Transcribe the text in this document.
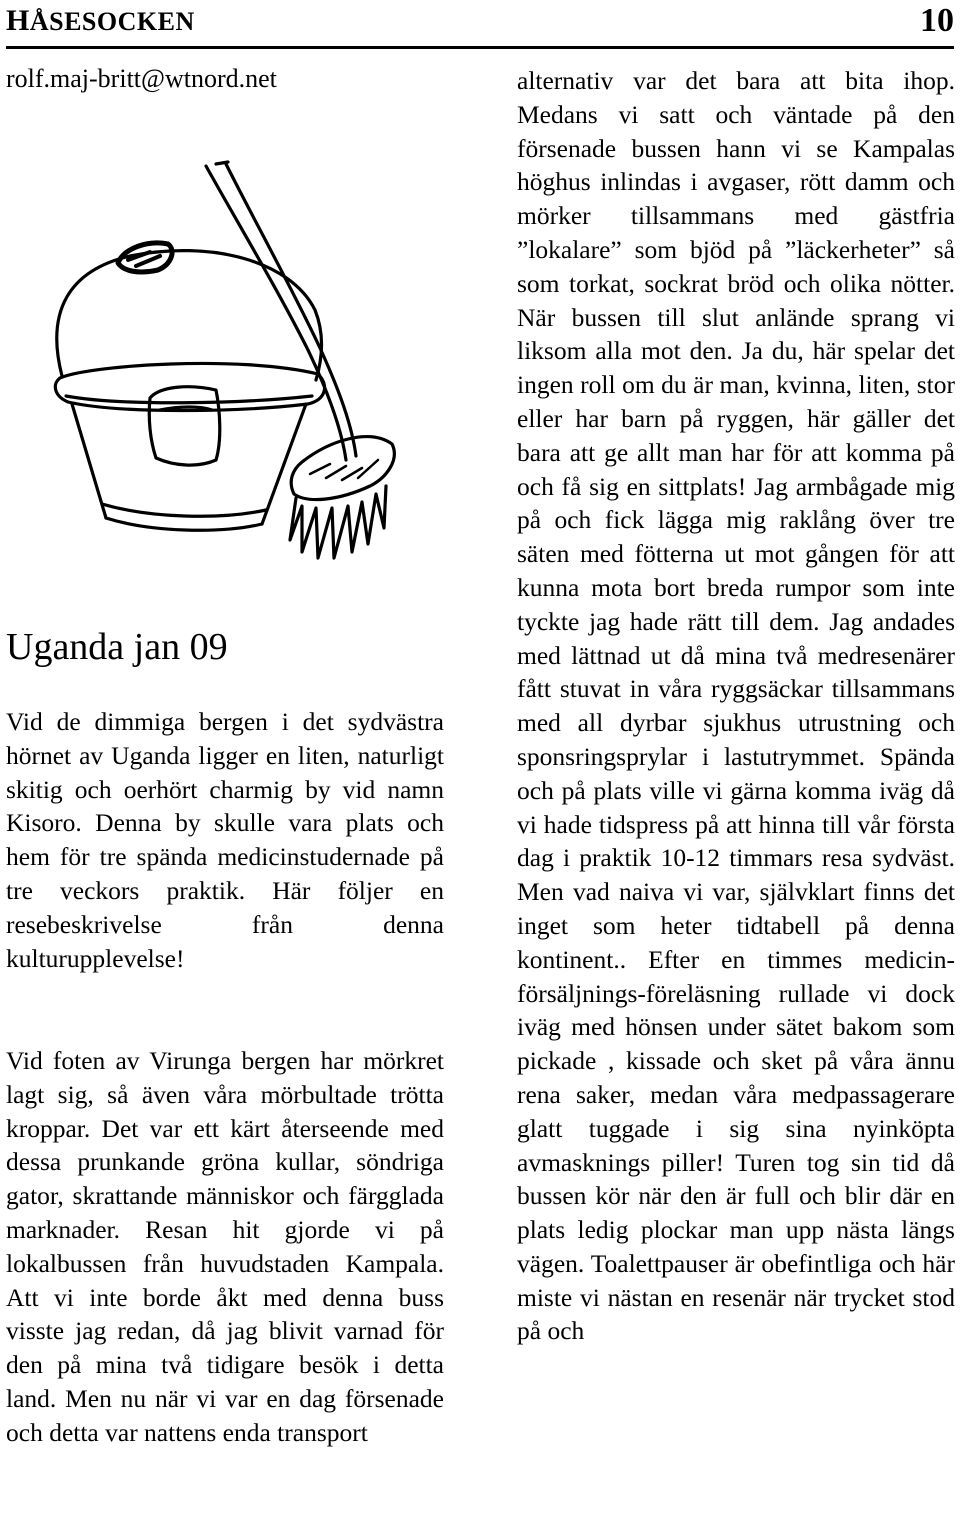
HÅSESOCKEN	10
rolf.maj-britt@wtnord.net
Uganda jan 09

Vid de dimmiga bergen i det sydvästra hörnet av Uganda ligger en liten, naturligt skitig och oerhört charmig by vid namn Kisoro. Denna by skulle vara plats och hem för tre spända medicinstudernade på tre veckors praktik. Här följer en resebeskrivelse från denna kulturupplevelse!

Vid foten av Virunga bergen har mörkret lagt sig, så även våra mörbultade trötta kroppar. Det var ett kärt återseende med dessa prunkande gröna kullar, söndriga gator, skrattande människor och färgglada marknader. Resan hit gjorde vi på lokalbussen från huvudstaden Kampala. Att vi inte borde åkt med denna buss visste jag redan, då jag blivit varnad för den på mina två tidigare besök i detta land. Men nu när vi var en dag försenade och detta var nattens enda transport

alternativ var det bara att bita ihop. Medans vi satt och väntade på den försenade bussen hann vi se Kampalas höghus inlindas i avgaser, rött damm och mörker tillsammans med gästfria ”lokalare” som bjöd på ”läckerheter” så som torkat, sockrat bröd och olika nötter. När bussen till slut anlände sprang vi liksom alla mot den. Ja du, här spelar det ingen roll om du är man, kvinna, liten, stor eller har barn på ryggen, här gäller det bara att ge allt man har för att komma på och få sig en sittplats! Jag armbågade mig på och fick lägga mig raklång över tre säten med fötterna ut mot gången för att kunna mota bort breda rumpor som inte tyckte jag hade rätt till dem. Jag andades med lättnad ut då mina två medresenärer fått stuvat in våra ryggsäckar tillsammans med all dyrbar sjukhus utrustning och sponsringsprylar i lastutrymmet. Spända och på plats ville vi gärna komma iväg då vi hade tidspress på att hinna till vår första dag i praktik 10-12 timmars resa sydväst. Men vad naiva vi var, självklart finns det inget som heter tidtabell på denna kontinent.. Efter en timmes medicin-försäljnings-föreläsning rullade vi dock iväg med hönsen under sätet bakom som pickade , kissade och sket på våra ännu rena saker, medan våra medpassagerare glatt tuggade i sig sina nyinköpta avmasknings piller! Turen tog sin tid då bussen kör när den är full och blir där en plats ledig plockar man upp nästa längs vägen. Toalettpauser är obefintliga och här miste vi nästan en resenär när trycket stod på och
